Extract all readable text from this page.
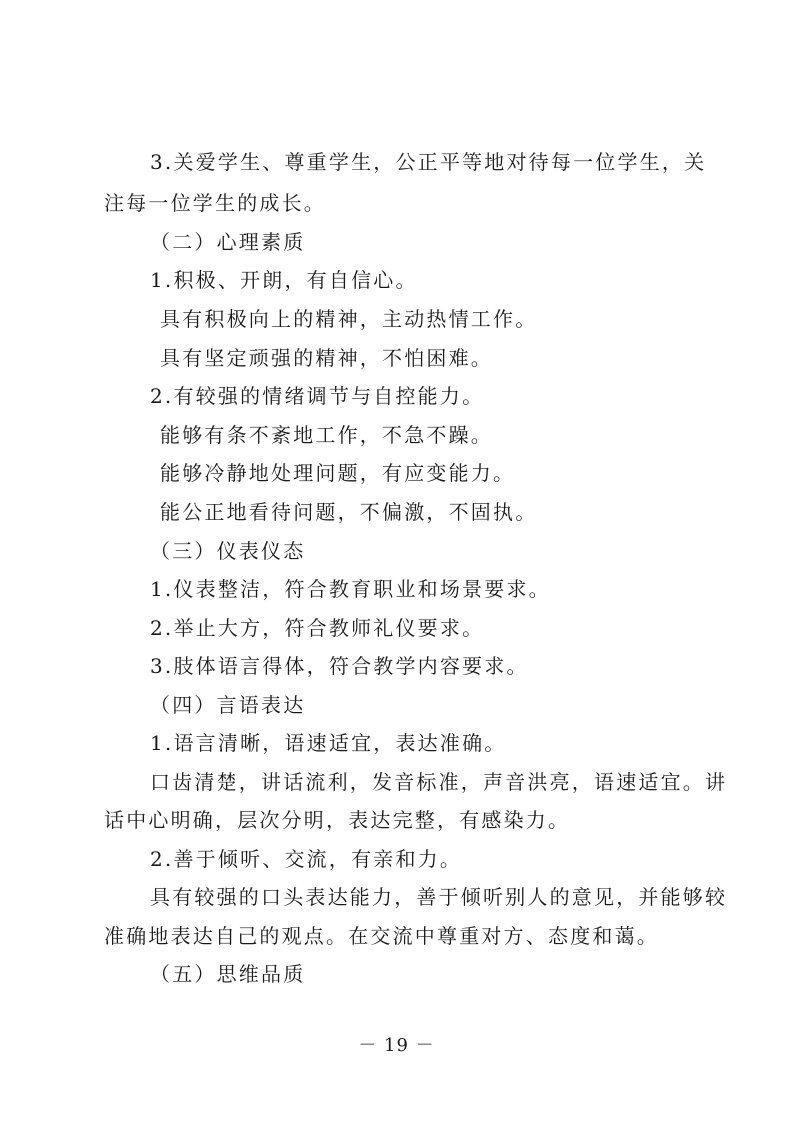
3.关爱学生、尊重学生，公正平等地对待每一位学生，关
注每一位学生的成长。
（二）心理素质
1.积极、开朗，有自信心。
具有积极向上的精神，主动热情工作。
具有坚定顽强的精神，不怕困难。
2.有较强的情绪调节与自控能力。
能够有条不紊地工作，不急不躁。
能够冷静地处理问题，有应变能力。
能公正地看待问题，不偏激，不固执。
（三）仪表仪态
1.仪表整洁，符合教育职业和场景要求。
2.举止大方，符合教师礼仪要求。
3.肢体语言得体，符合教学内容要求。
（四）言语表达
1.语言清晰，语速适宜，表达准确。
口齿清楚，讲话流利，发音标准，声音洪亮，语速适宜。讲
话中心明确，层次分明，表达完整，有感染力。
2.善于倾听、交流，有亲和力。
具有较强的口头表达能力，善于倾听别人的意见，并能够较
准确地表达自己的观点。在交流中尊重对方、态度和蔼。
（五）思维品质
－ 19 －
